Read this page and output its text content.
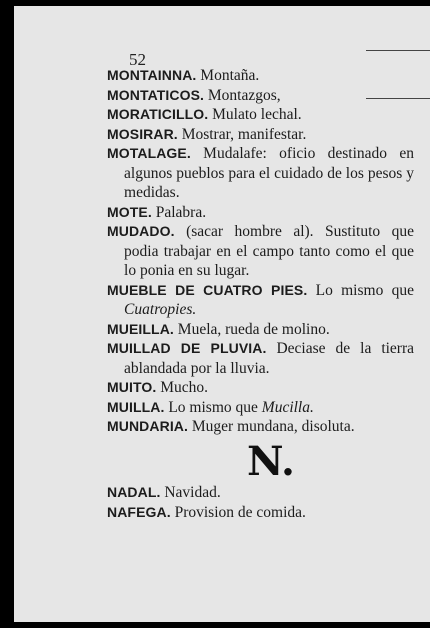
52
MONTAINNA. Montaña.
MONTATICOS. Montazgos,
MORATICILLO. Mulato lechal.
MOSIRAR. Mostrar, manifestar.
MOTALAGE. Mudalafe: oficio destinado en algunos pueblos para el cuidado de los pesos y medidas.
MOTE. Palabra.
MUDADO. (sacar hombre al). Sustituto que podia trabajar en el campo tanto como el que lo ponia en su lugar.
MUEBLE DE CUATRO PIES. Lo mismo que Cuatropies.
MUEILLA. Muela, rueda de molino.
MUILLAD DE PLUVIA. Deciase de la tierra ablandada por la lluvia.
MUITO. Mucho.
MUILLA. Lo mismo que Mucilla.
MUNDARIA. Muger mundana, disoluta.
N.
NADAL. Navidad.
NAFEGA. Provision de comida.
